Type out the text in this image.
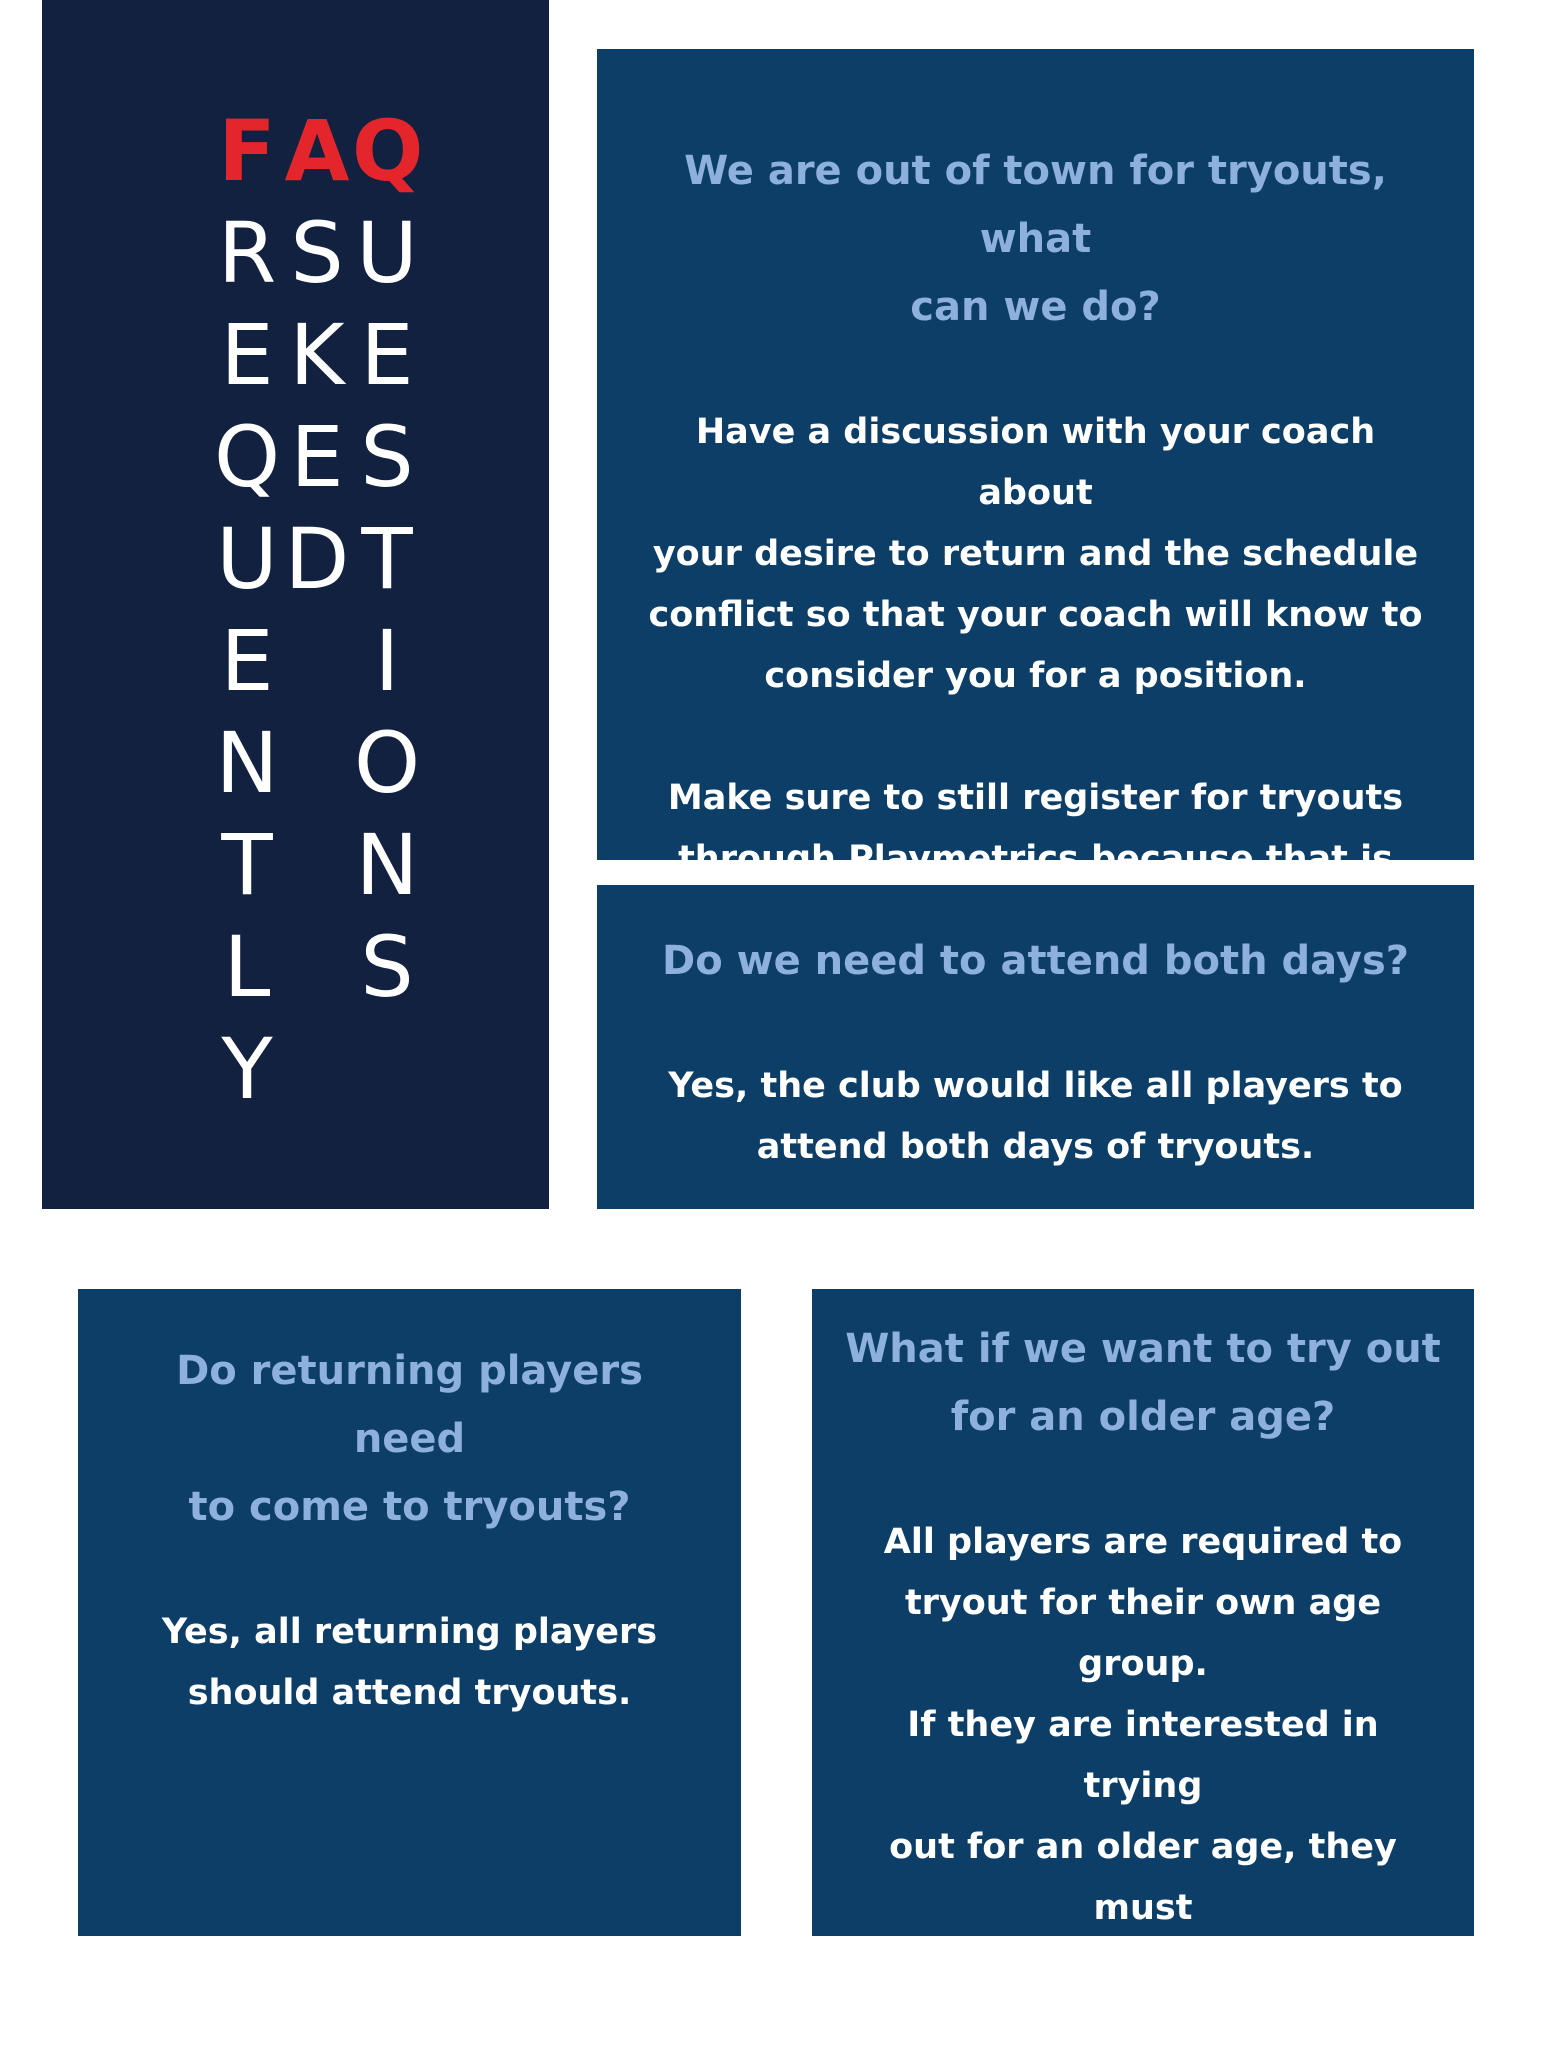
F A Q
R S U
E K E
Q E S
U D T
E I
N O
T N
L S
Y

We are out of town for tryouts, what

can we do?

Have a discussion with your coach about

your desire to return and the schedule

conflict so that your coach will know to

consider you for a position.

Make sure to still register for tryouts

through Playmetrics because that is

Do we need to attend both days?

Yes, the club would like all players to

attend both days of tryouts.

Do returning players need

to come to tryouts?

Yes, all returning players

should attend tryouts.

What if we want to try out

for an older age?

All players are required to

tryout for their own age group.

If they are interested in trying

out for an older age, they must

have prior approval from their

Director Of Coaching (DOC).
